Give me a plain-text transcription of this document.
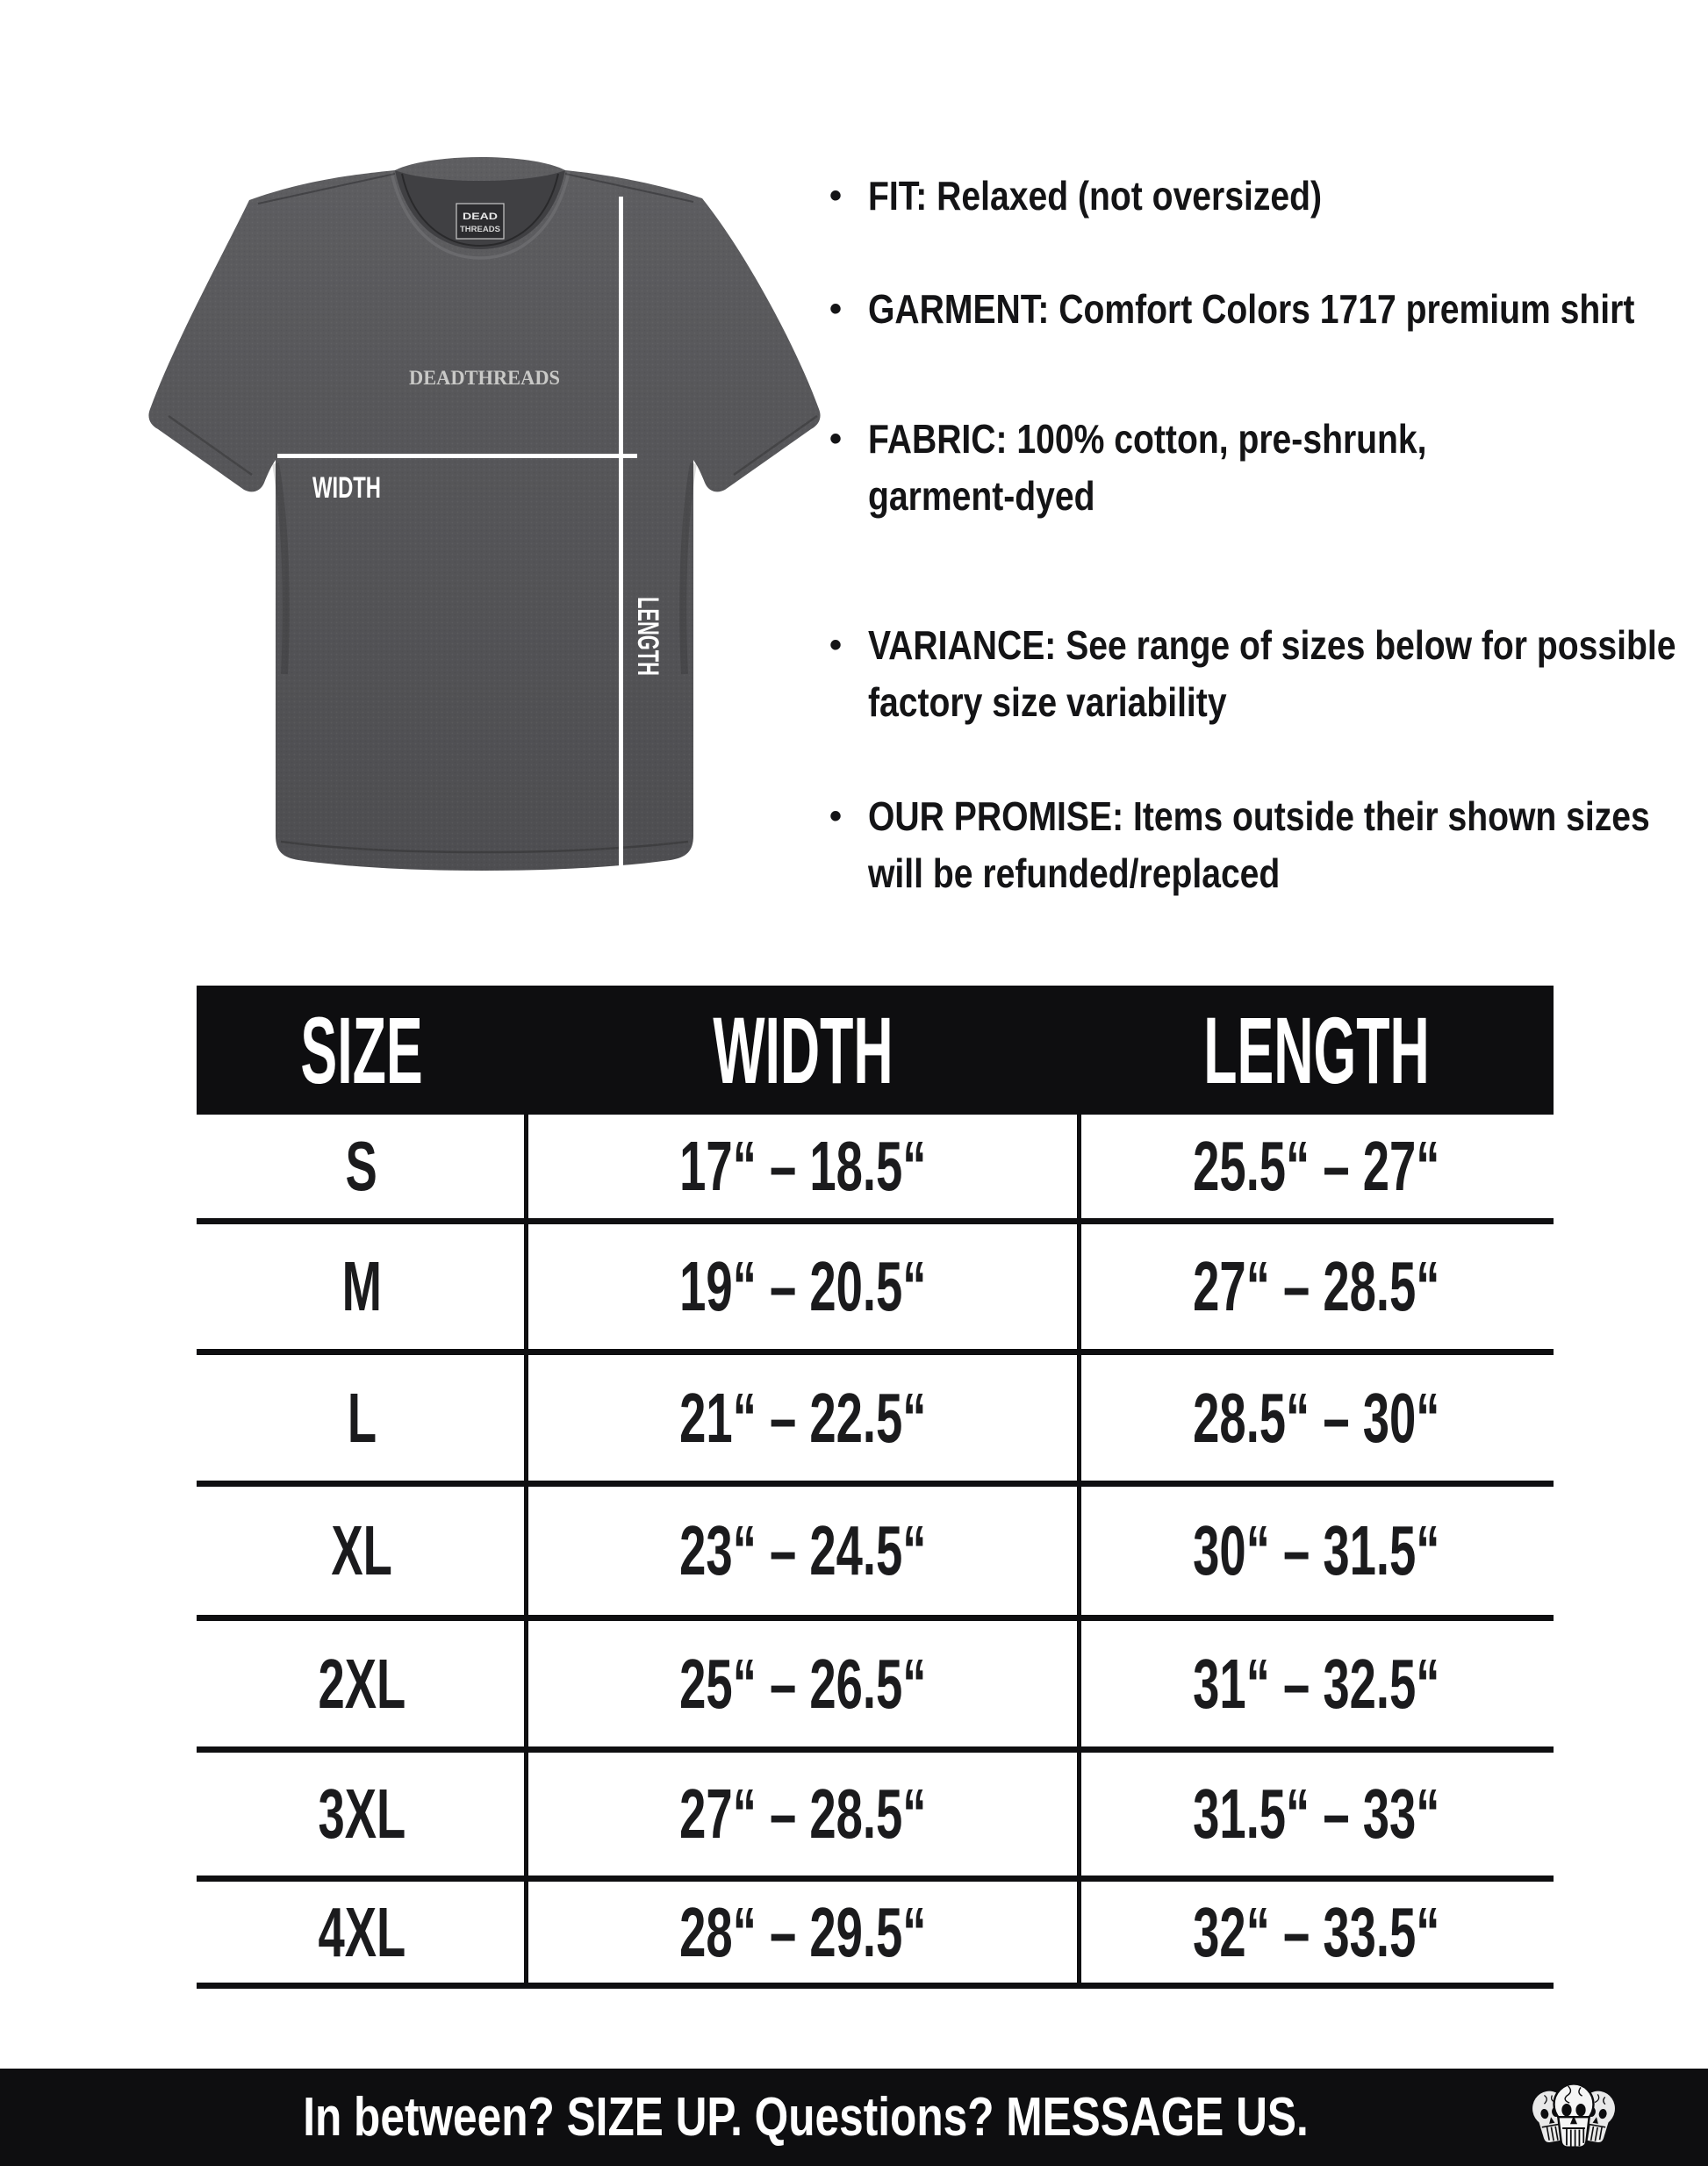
DEAD
THREADS
DEADTHREADS
WIDTH
LENGTH
• FIT: Relaxed (not oversized)
• GARMENT: Comfort Colors 1717 premium shirt
• FABRIC: 100% cotton, pre-shrunk,
garment-dyed
• VARIANCE: See range of sizes below for possible
factory size variability
• OUR PROMISE: Items outside their shown sizes
will be refunded/replaced
SIZE	WIDTH	LENGTH
S	17“ – 18.5“	25.5“ – 27“
M	19“ – 20.5“	27“ – 28.5“
L	21“ – 22.5“	28.5“ – 30“
XL	23“ – 24.5“	30“ – 31.5“
2XL	25“ – 26.5“	31“ – 32.5“
3XL	27“ – 28.5“	31.5“ – 33“
4XL	28“ – 29.5“	32“ – 33.5“
In between? SIZE UP. Questions? MESSAGE US.
